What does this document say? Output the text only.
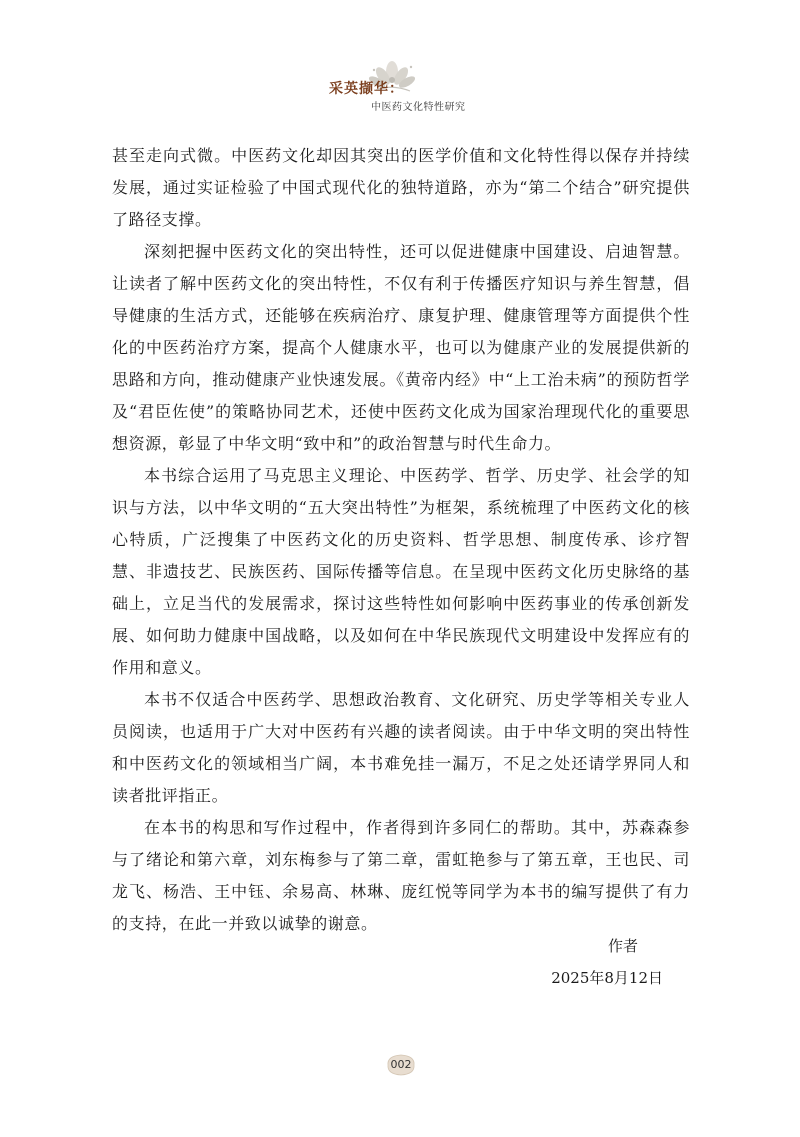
采英撷华：
中医药文化特性研究

甚至走向式微。中医药文化却因其突出的医学价值和文化特性得以保存并持续发展，通过实证检验了中国式现代化的独特道路，亦为“第二个结合”研究提供了路径支撑。

深刻把握中医药文化的突出特性，还可以促进健康中国建设、启迪智慧。让读者了解中医药文化的突出特性，不仅有利于传播医疗知识与养生智慧，倡导健康的生活方式，还能够在疾病治疗、康复护理、健康管理等方面提供个性化的中医药治疗方案，提高个人健康水平，也可以为健康产业的发展提供新的思路和方向，推动健康产业快速发展。《黄帝内经》中“上工治未病”的预防哲学及“君臣佐使”的策略协同艺术，还使中医药文化成为国家治理现代化的重要思想资源，彰显了中华文明“致中和”的政治智慧与时代生命力。

本书综合运用了马克思主义理论、中医药学、哲学、历史学、社会学的知识与方法，以中华文明的“五大突出特性”为框架，系统梳理了中医药文化的核心特质，广泛搜集了中医药文化的历史资料、哲学思想、制度传承、诊疗智慧、非遗技艺、民族医药、国际传播等信息。在呈现中医药文化历史脉络的基础上，立足当代的发展需求，探讨这些特性如何影响中医药事业的传承创新发展、如何助力健康中国战略，以及如何在中华民族现代文明建设中发挥应有的作用和意义。

本书不仅适合中医药学、思想政治教育、文化研究、历史学等相关专业人员阅读，也适用于广大对中医药有兴趣的读者阅读。由于中华文明的突出特性和中医药文化的领域相当广阔，本书难免挂一漏万，不足之处还请学界同人和读者批评指正。

在本书的构思和写作过程中，作者得到许多同仁的帮助。其中，苏森森参与了绪论和第六章，刘东梅参与了第二章，雷虹艳参与了第五章，王也民、司龙飞、杨浩、王中钰、余易高、林琳、庞红悦等同学为本书的编写提供了有力的支持，在此一并致以诚挚的谢意。

作者
2025年8月12日
002
